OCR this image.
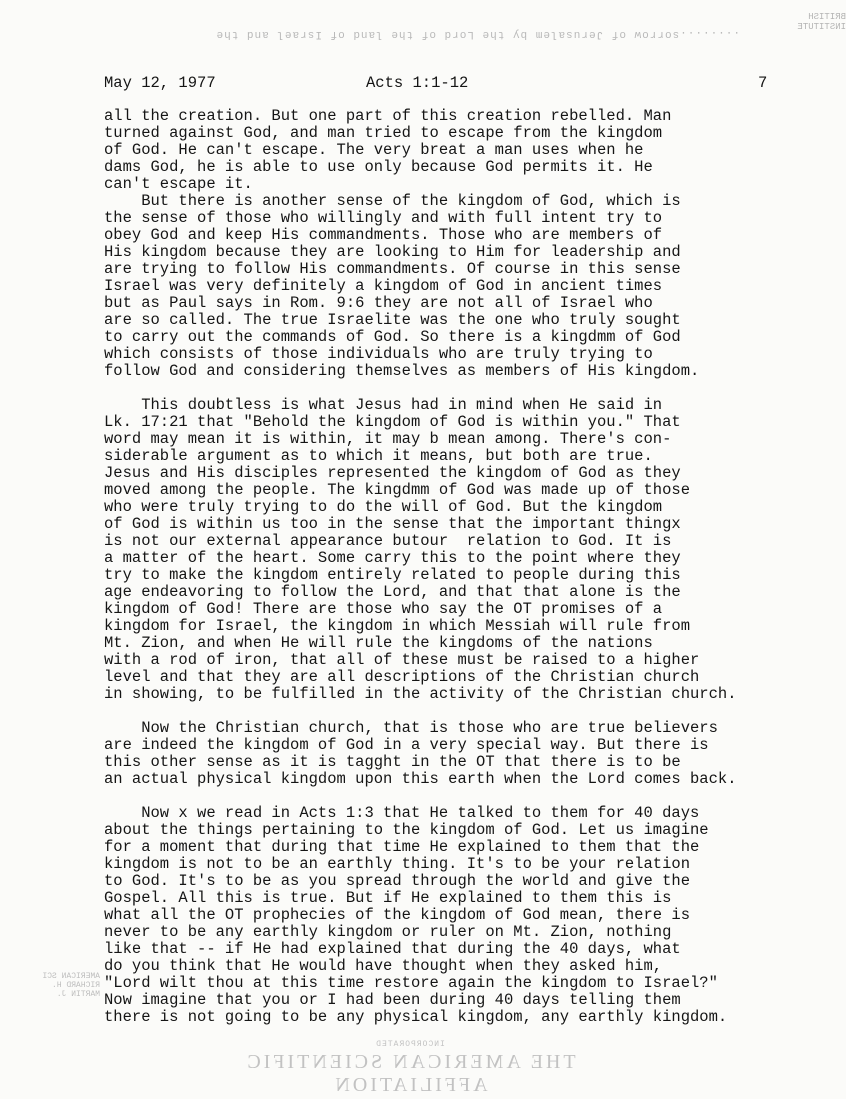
........sorrow of Jerusalem by the Lord of the land of Israel and the
BRITISH INSTITUTE
May 12, 1977	Acts 1:1-12	7
all the creation. But one part of this creation rebelled. Man
turned against God, and man tried to escape from the kingdom
of God. He can't escape. The very breat a man uses when he
dams God, he is able to use only because God permits it. He
can't escape it.
But there is another sense of the kingdom of God, which is
the sense of those who willingly and with full intent try to
obey God and keep His commandments. Those who are members of
His kingdom because they are looking to Him for leadership and
are trying to follow His commandments. Of course in this sense
Israel was very definitely a kingdom of God in ancient times
but as Paul says in Rom. 9:6 they are not all of Israel who
are so called. The true Israelite was the one who truly sought
to carry out the commands of God. So there is a kingdmm of God
which consists of those individuals who are truly trying to
follow God and considering themselves as members of His kingdom.
This doubtless is what Jesus had in mind when He said in
Lk. 17:21 that "Behold the kingdom of God is within you." That
word may mean it is within, it may b mean among. There's con-
siderable argument as to which it means, but both are true.
Jesus and His disciples represented the kingdom of God as they
moved among the people. The kingdmm of God was made up of those
who were truly trying to do the will of God. But the kingdom
of God is within us too in the sense that the important thingx
is not our external appearance butour  relation to God. It is
a matter of the heart. Some carry this to the point where they
try to make the kingdom entirely related to people during this
age endeavoring to follow the Lord, and that that alone is the
kingdom of God! There are those who say the OT promises of a
kingdom for Israel, the kingdom in which Messiah will rule from
Mt. Zion, and when He will rule the kingdoms of the nations
with a rod of iron, that all of these must be raised to a higher
level and that they are all descriptions of the Christian church
in showing, to be fulfilled in the activity of the Christian church.
Now the Christian church, that is those who are true believers
are indeed the kingdom of God in a very special way. But there is
this other sense as it is tagght in the OT that there is to be
an actual physical kingdom upon this earth when the Lord comes back.
Now x we read in Acts 1:3 that He talked to them for 40 days
about the things pertaining to the kingdom of God. Let us imagine
for a moment that during that time He explained to them that the
kingdom is not to be an earthly thing. It's to be your relation
to God. It's to be as you spread through the world and give the
Gospel. All this is true. But if He explained to them this is
what all the OT prophecies of the kingdom of God mean, there is
never to be any earthly kingdom or ruler on Mt. Zion, nothing
like that -- if He had explained that during the 40 days, what
do you think that He would have thought when they asked him,
"Lord wilt thou at this time restore again the kingdom to Israel?"
Now imagine that you or I had been during 40 days telling them
there is not going to be any physical kingdom, any earthly kingdom.
AMERICAN SCI
RICHARD H.
MARTIN J.
INCORPORATED
THE AMERICAN SCIENTIFIC AFFILIATION
